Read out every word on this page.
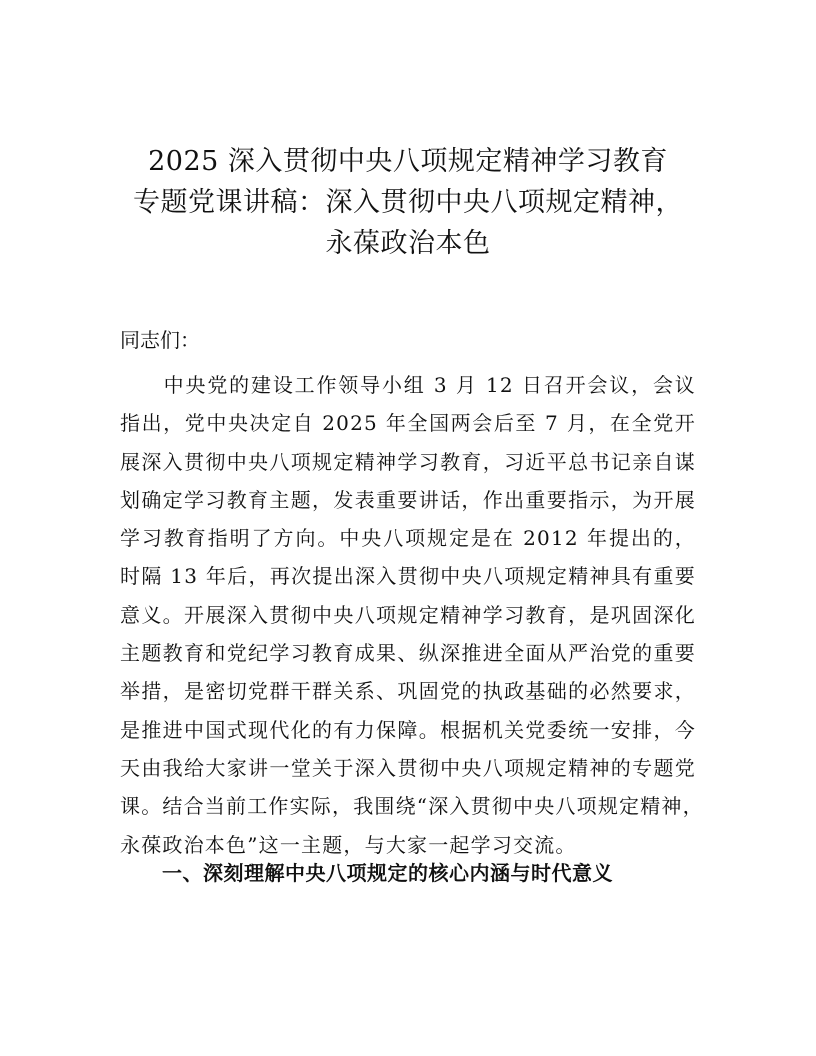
2025 深入贯彻中央八项规定精神学习教育
专题党课讲稿：深入贯彻中央八项规定精神，
永葆政治本色

同志们：

　　中央党的建设工作领导小组 3 月 12 日召开会议，会议
指出，党中央决定自 2025 年全国两会后至 7 月，在全党开
展深入贯彻中央八项规定精神学习教育，习近平总书记亲自谋
划确定学习教育主题，发表重要讲话，作出重要指示，为开展
学习教育指明了方向。中央八项规定是在 2012 年提出的，
时隔 13 年后，再次提出深入贯彻中央八项规定精神具有重要
意义。开展深入贯彻中央八项规定精神学习教育，是巩固深化
主题教育和党纪学习教育成果、纵深推进全面从严治党的重要
举措，是密切党群干群关系、巩固党的执政基础的必然要求，
是推进中国式现代化的有力保障。根据机关党委统一安排，今
天由我给大家讲一堂关于深入贯彻中央八项规定精神的专题党
课。结合当前工作实际，我围绕“深入贯彻中央八项规定精神，
永葆政治本色”这一主题，与大家一起学习交流。

一、深刻理解中央八项规定的核心内涵与时代意义
